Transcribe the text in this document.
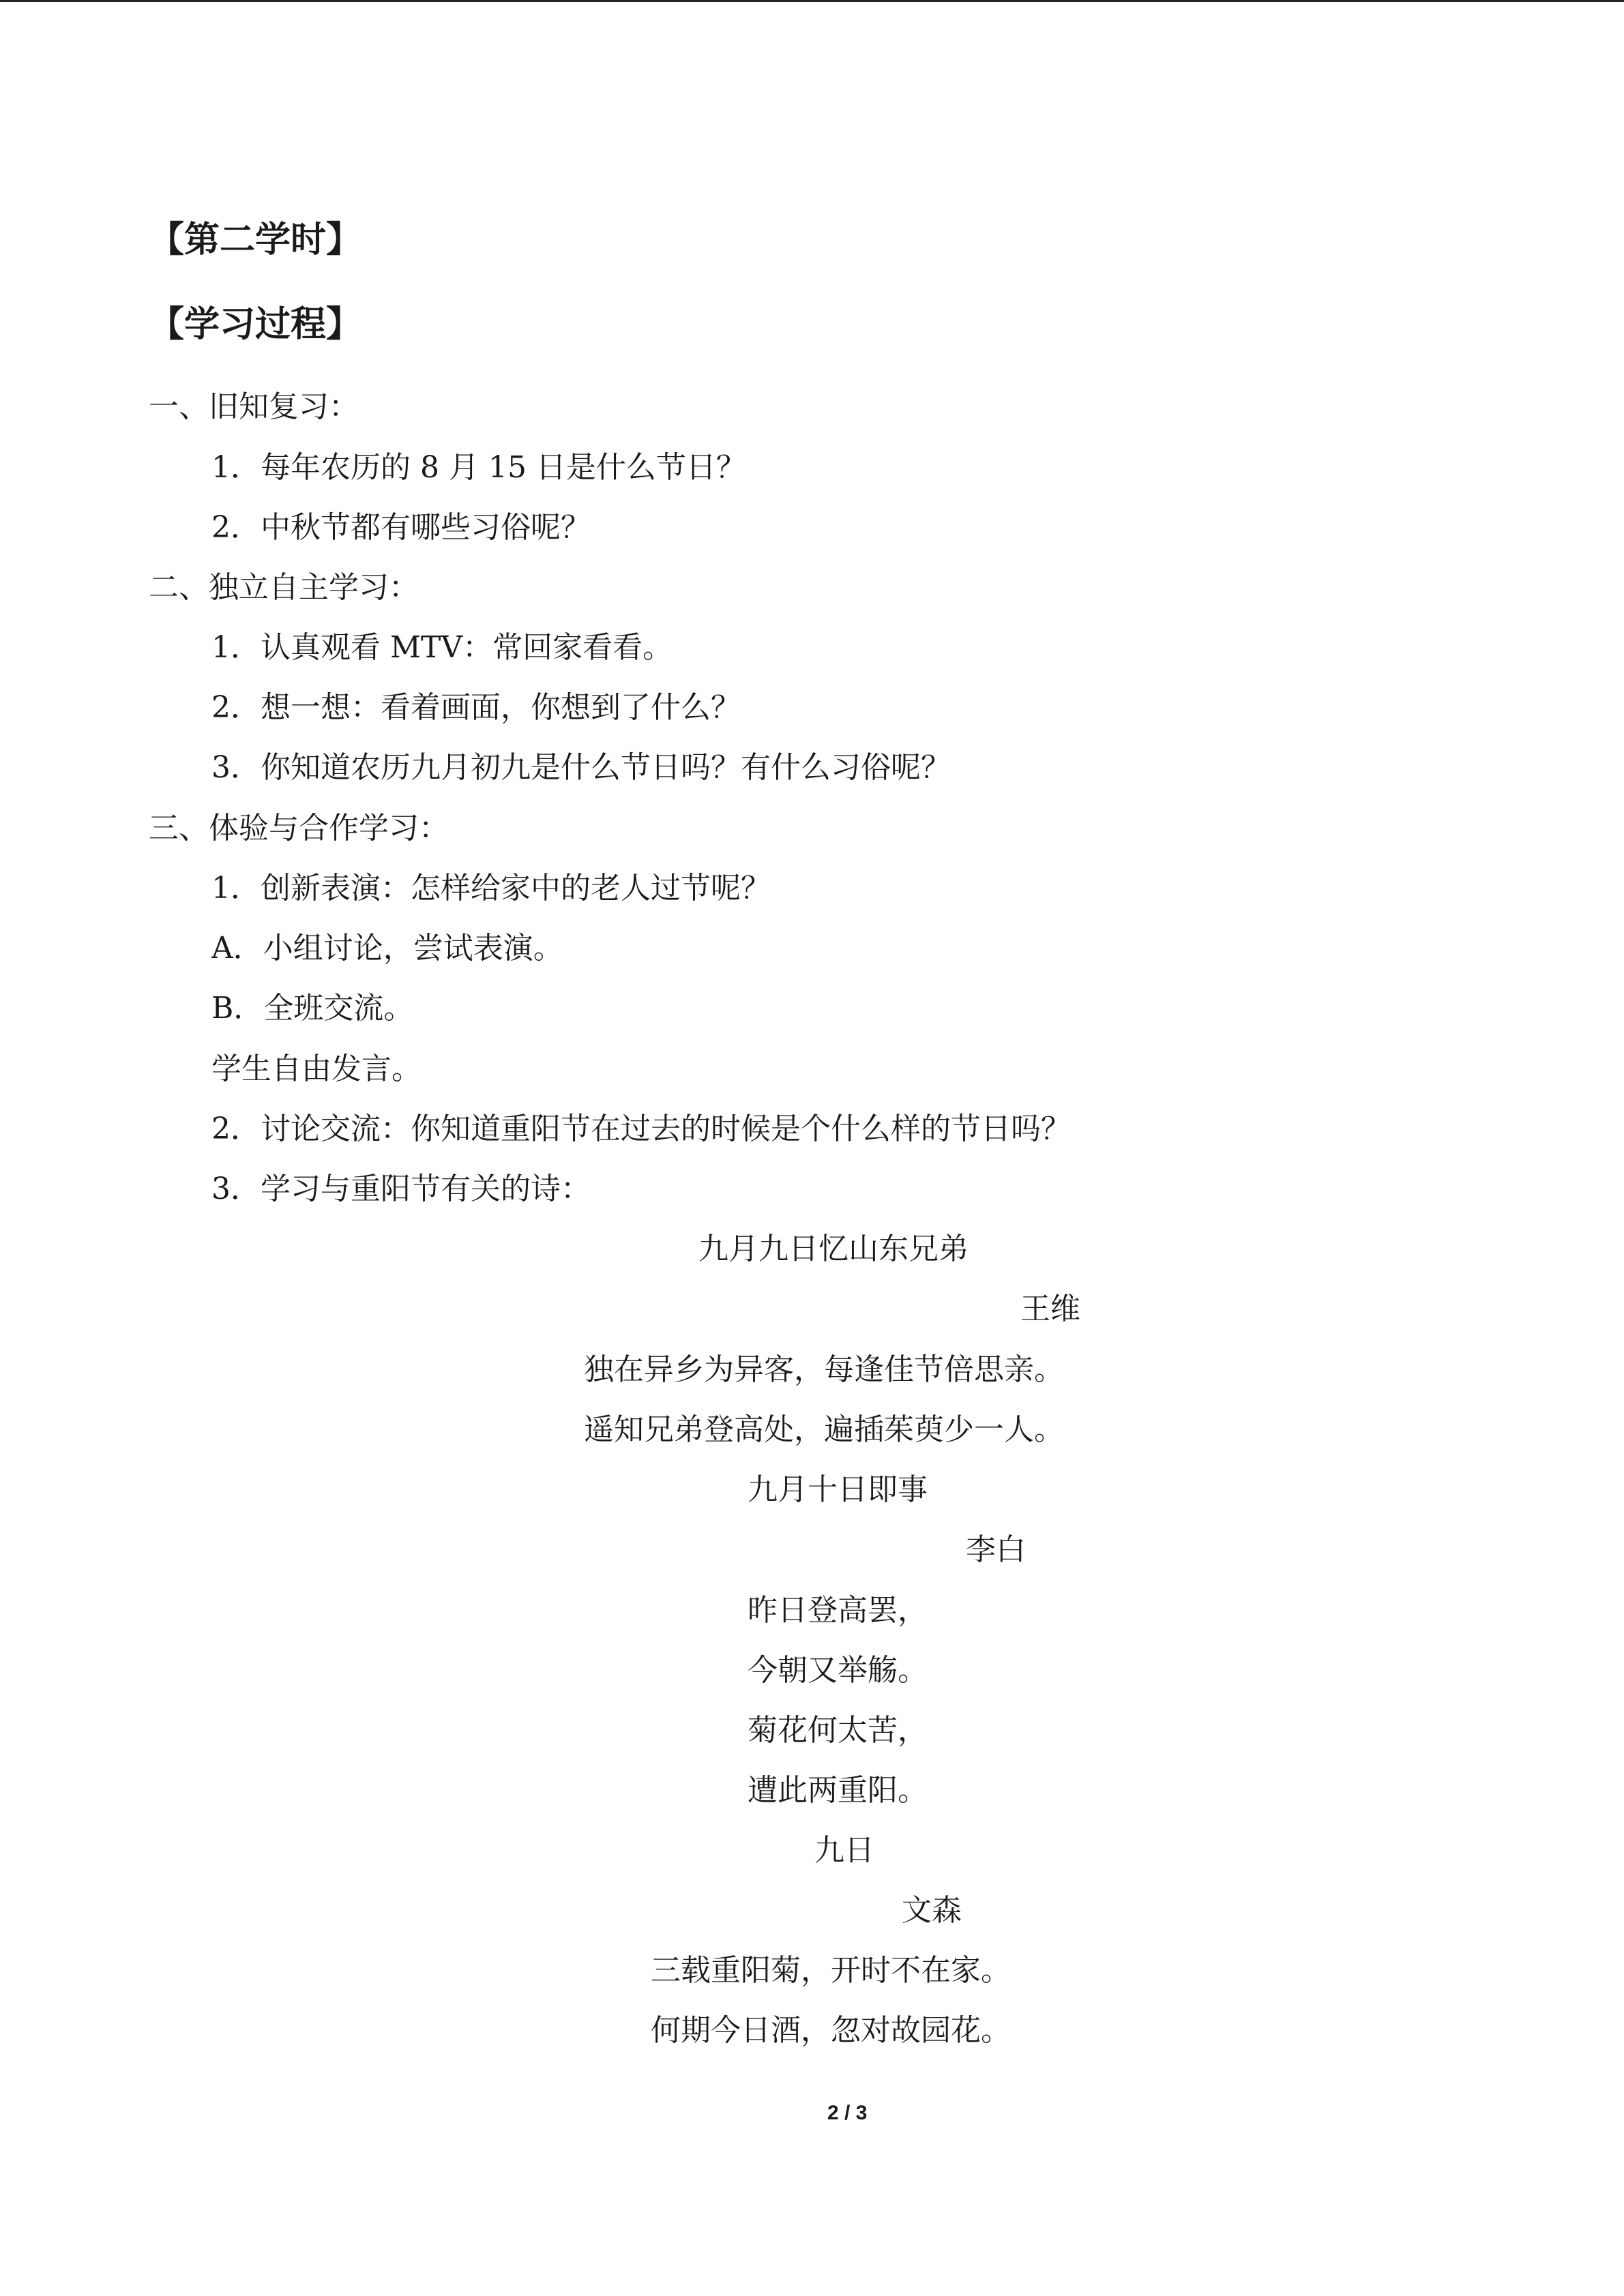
【第二学时】
【学习过程】
一、旧知复习：
1．每年农历的 8 月 15 日是什么节日？
2．中秋节都有哪些习俗呢？
二、独立自主学习：
1．认真观看 MTV：常回家看看。
2．想一想：看着画面，你想到了什么？
3．你知道农历九月初九是什么节日吗？有什么习俗呢？
三、体验与合作学习：
1．创新表演：怎样给家中的老人过节呢？
A．小组讨论，尝试表演。
B．全班交流。
学生自由发言。
2．讨论交流：你知道重阳节在过去的时候是个什么样的节日吗？
3．学习与重阳节有关的诗：
九月九日忆山东兄弟
王维
独在异乡为异客，每逢佳节倍思亲。
遥知兄弟登高处，遍插茱萸少一人。
九月十日即事
李白
昨日登高罢，
今朝又举觞。
菊花何太苦，
遭此两重阳。
九日
文森
三载重阳菊，开时不在家。
何期今日酒，忽对故园花。
2 / 3
